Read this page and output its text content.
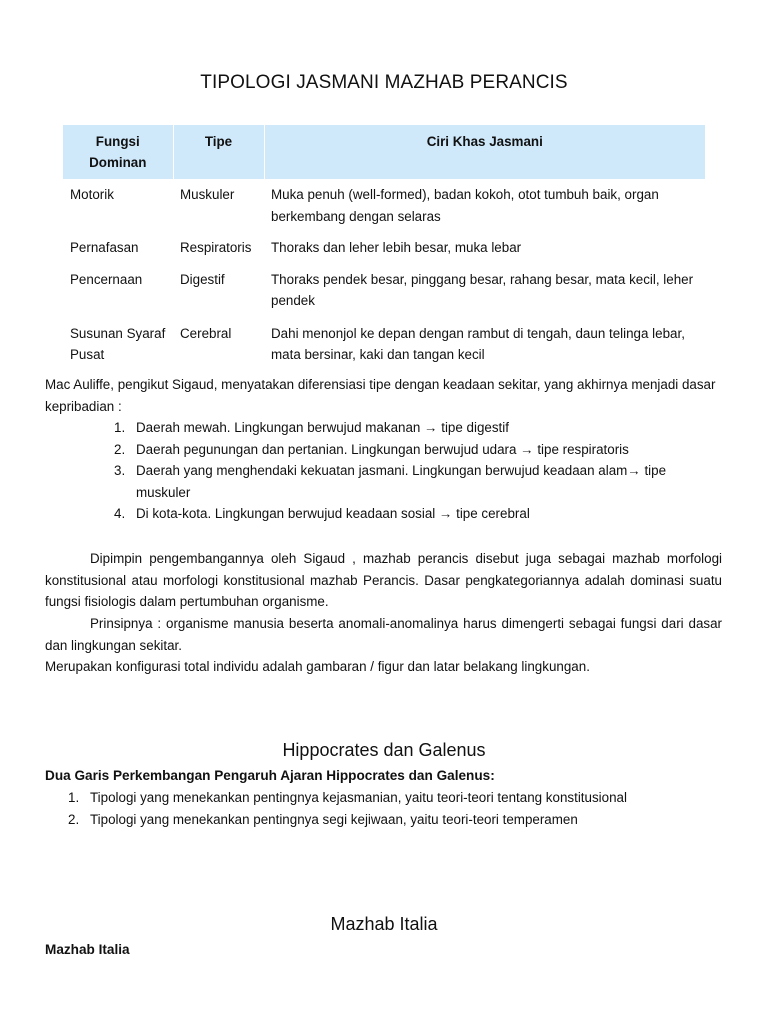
TIPOLOGI JASMANI MAZHAB PERANCIS
Fungsi Dominan	Tipe	Ciri Khas Jasmani
Motorik	Muskuler	Muka penuh (well-formed), badan kokoh, otot tumbuh baik, organ berkembang dengan selaras
Pernafasan	Respiratoris	Thoraks dan leher lebih besar, muka lebar
Pencernaan	Digestif	Thoraks pendek besar, pinggang besar, rahang besar, mata kecil, leher pendek
Susunan Syaraf Pusat	Cerebral	Dahi menonjol ke depan dengan rambut di tengah, daun telinga lebar, mata bersinar, kaki dan tangan kecil

Mac Auliffe, pengikut Sigaud, menyatakan diferensiasi tipe dengan keadaan sekitar, yang akhirnya menjadi dasar kepribadian :

1. Daerah mewah. Lingkungan berwujud makanan → tipe digestif
2. Daerah pegunungan dan pertanian. Lingkungan berwujud udara → tipe respiratoris
3. Daerah yang menghendaki kekuatan jasmani. Lingkungan berwujud keadaan alam→ tipe muskuler
4. Di kota-kota. Lingkungan berwujud keadaan sosial → tipe cerebral

Dipimpin pengembangannya oleh Sigaud , mazhab perancis disebut juga sebagai mazhab morfologi konstitusional atau morfologi konstitusional mazhab Perancis. Dasar pengkategoriannya adalah dominasi suatu fungsi fisiologis dalam pertumbuhan organisme.

Prinsipnya : organisme manusia beserta anomali-anomalinya harus dimengerti sebagai fungsi dari dasar dan lingkungan sekitar.

Merupakan konfigurasi total individu adalah gambaran / figur dan latar belakang lingkungan.

Hippocrates dan Galenus
Dua Garis Perkembangan Pengaruh Ajaran Hippocrates dan Galenus:
1. Tipologi yang menekankan pentingnya kejasmanian, yaitu teori-teori tentang konstitusional
2. Tipologi yang menekankan pentingnya segi kejiwaan, yaitu teori-teori temperamen
Mazhab Italia
Mazhab Italia
